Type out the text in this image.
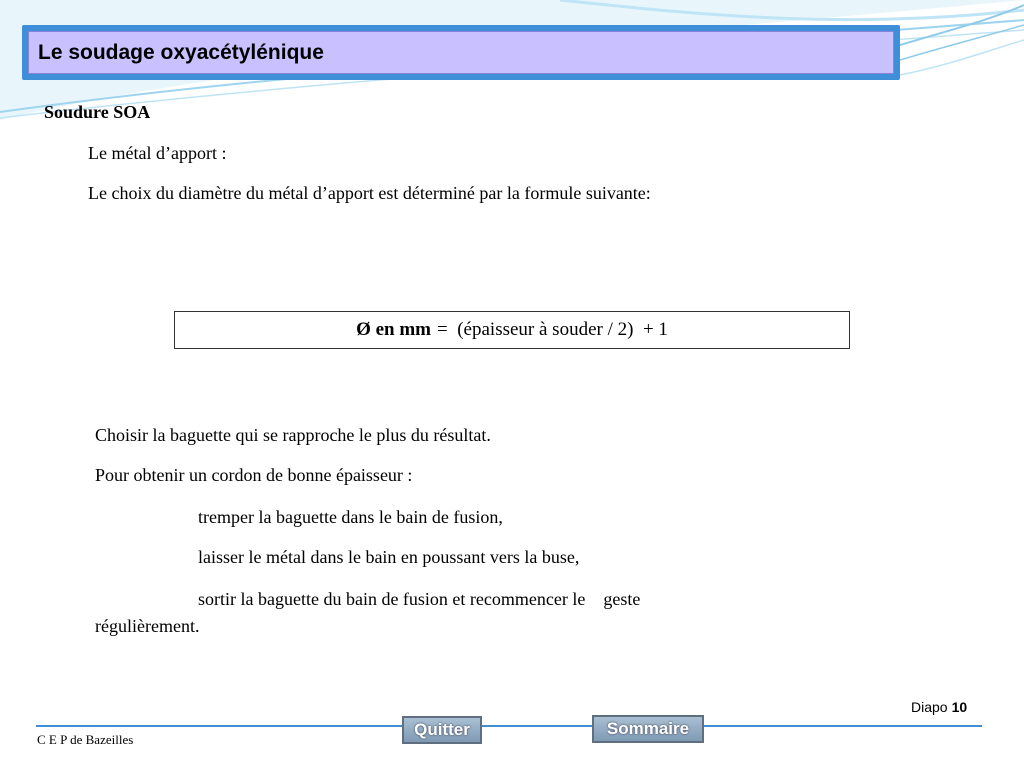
Le soudage oxyacétylénique
Soudure SOA
Le métal d’apport :
Le choix du diamètre du métal d’apport est déterminé par la formule suivante:
Ø en mm =  (épaisseur à souder / 2)  + 1
Choisir la baguette qui se rapproche le plus du résultat.
Pour obtenir un cordon de bonne épaisseur :
tremper la baguette dans le bain de fusion,
laisser le métal dans le bain en poussant vers la buse,
sortir la baguette du bain de fusion et recommencer le    geste
régulièrement.
Diapo 10
C E P de Bazeilles
Quitter	Sommaire
